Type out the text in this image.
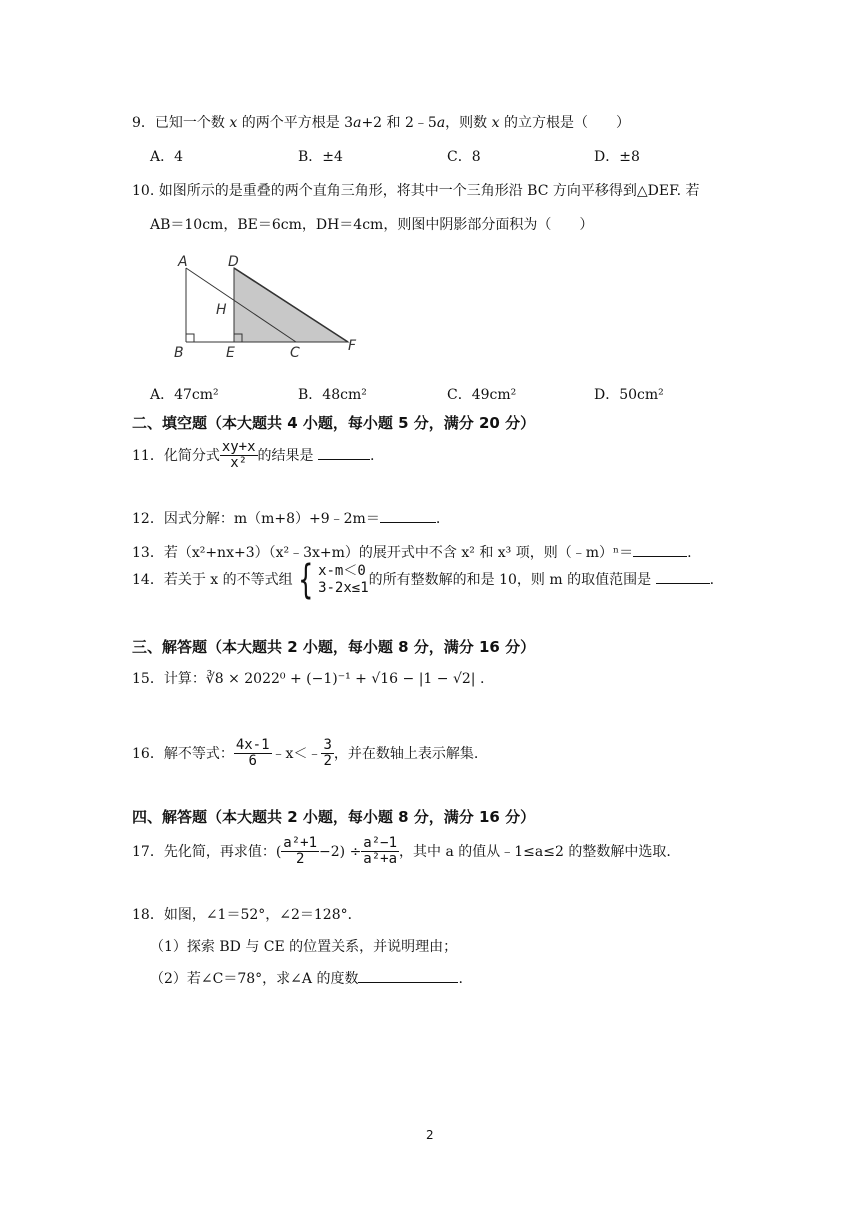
9．已知一个数 x 的两个平方根是 3a+2 和 2﹣5a，则数 x 的立方根是（　　）
A．4	B．±4	C．8	D．±8
10. 如图所示的是重叠的两个直角三角形，将其中一个三角形沿 BC 方向平移得到△DEF. 若
AB＝10cm，BE＝6cm，DH＝4cm，则图中阴影部分面积为（　　）
A	D
H
B	E	C	F
A．47cm²	B．48cm²	C．49cm²	D．50cm²
二、填空题（本大题共 4 小题，每小题 5 分，满分 20 分）
11．化简分式 $\frac{xy+x}{\text{x²}}$ 的结果是	.
12．因式分解：m（m+8）+9﹣2m＝	.
13．若（x²+nx+3）（x²﹣3x+m）的展开式中不含 x² 和 x³ 项，则（﹣m）ⁿ＝	.
14．若关于 x 的不等式组 { x-m＜0
3-2x≤1 的所有整数解的和是 10，则 m 的取值范围是	.
三、解答题（本大题共 2 小题，每小题 8 分，满分 16 分）
15．计算：∛8 × 2022⁰ + (−1)⁻¹ + √16 − |1 − √2| .
16．解不等式： $\frac{4x-1}{6}$ ﹣x＜﹣ $\frac{3}{2}$ ，并在数轴上表示解集.
四、解答题（本大题共 2 小题，每小题 8 分，满分 16 分）
17．先化简，再求值：( $\frac{\text{a²+1}}{2} -2) \div \frac{\text{a²−1}}{\text{a²+a}}$ ，其中 a 的值从﹣1≤a≤2 的整数解中选取.
18．如图，∠1＝52°，∠2＝128°．
（1）探索 BD 与 CE 的位置关系，并说明理由；
（2）若∠C＝78°，求∠A 的度数	.
2
